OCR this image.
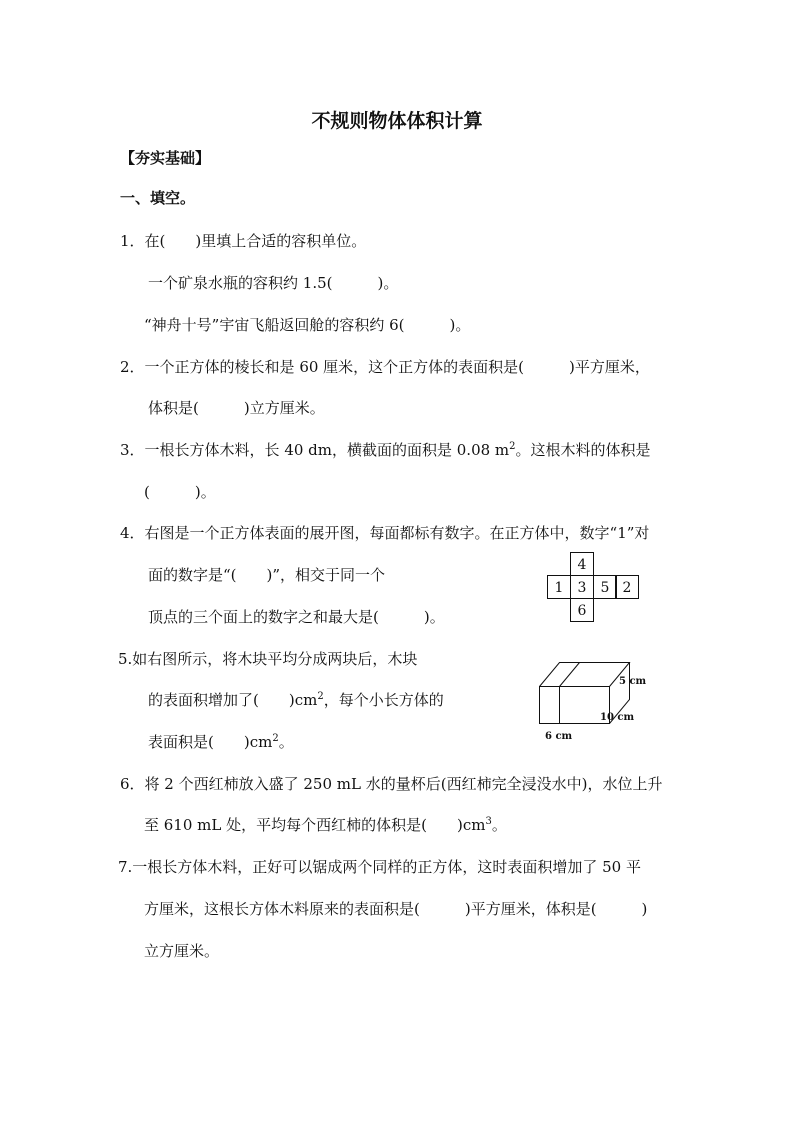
不规则物体体积计算
【夯实基础】
一、填空。
1．在(　　)里填上合适的容积单位。
一个矿泉水瓶的容积约 1.5(　　　)。
“神舟十号”宇宙飞船返回舱的容积约 6(　　　)。
2．一个正方体的棱长和是 60 厘米，这个正方体的表面积是(　　　)平方厘米，
体积是(　　　)立方厘米。
3．一根长方体木料，长 40 dm，横截面的面积是 0.08 $m^2$。这根木料的体积是
(　　　)。
4．右图是一个正方体表面的展开图，每面都标有数字。在正方体中，数字“1”对
面的数字是“(　　)”，相交于同一个
顶点的三个面上的数字之和最大是(　　　)。
4
1 3 5 2
6
5.如右图所示，将木块平均分成两块后，木块
的表面积增加了(　　)$cm^2$，每个小长方体的
表面积是(　　)$cm^2$。
5 cm
10 cm
6 cm
6．将 2 个西红柿放入盛了 250 mL 水的量杯后(西红柿完全浸没水中)，水位上升
至 610 mL 处，平均每个西红柿的体积是(　　)$cm^3$。
7.一根长方体木料，正好可以锯成两个同样的正方体，这时表面积增加了 50 平
方厘米，这根长方体木料原来的表面积是(　　　)平方厘米，体积是(　　　)
立方厘米。
